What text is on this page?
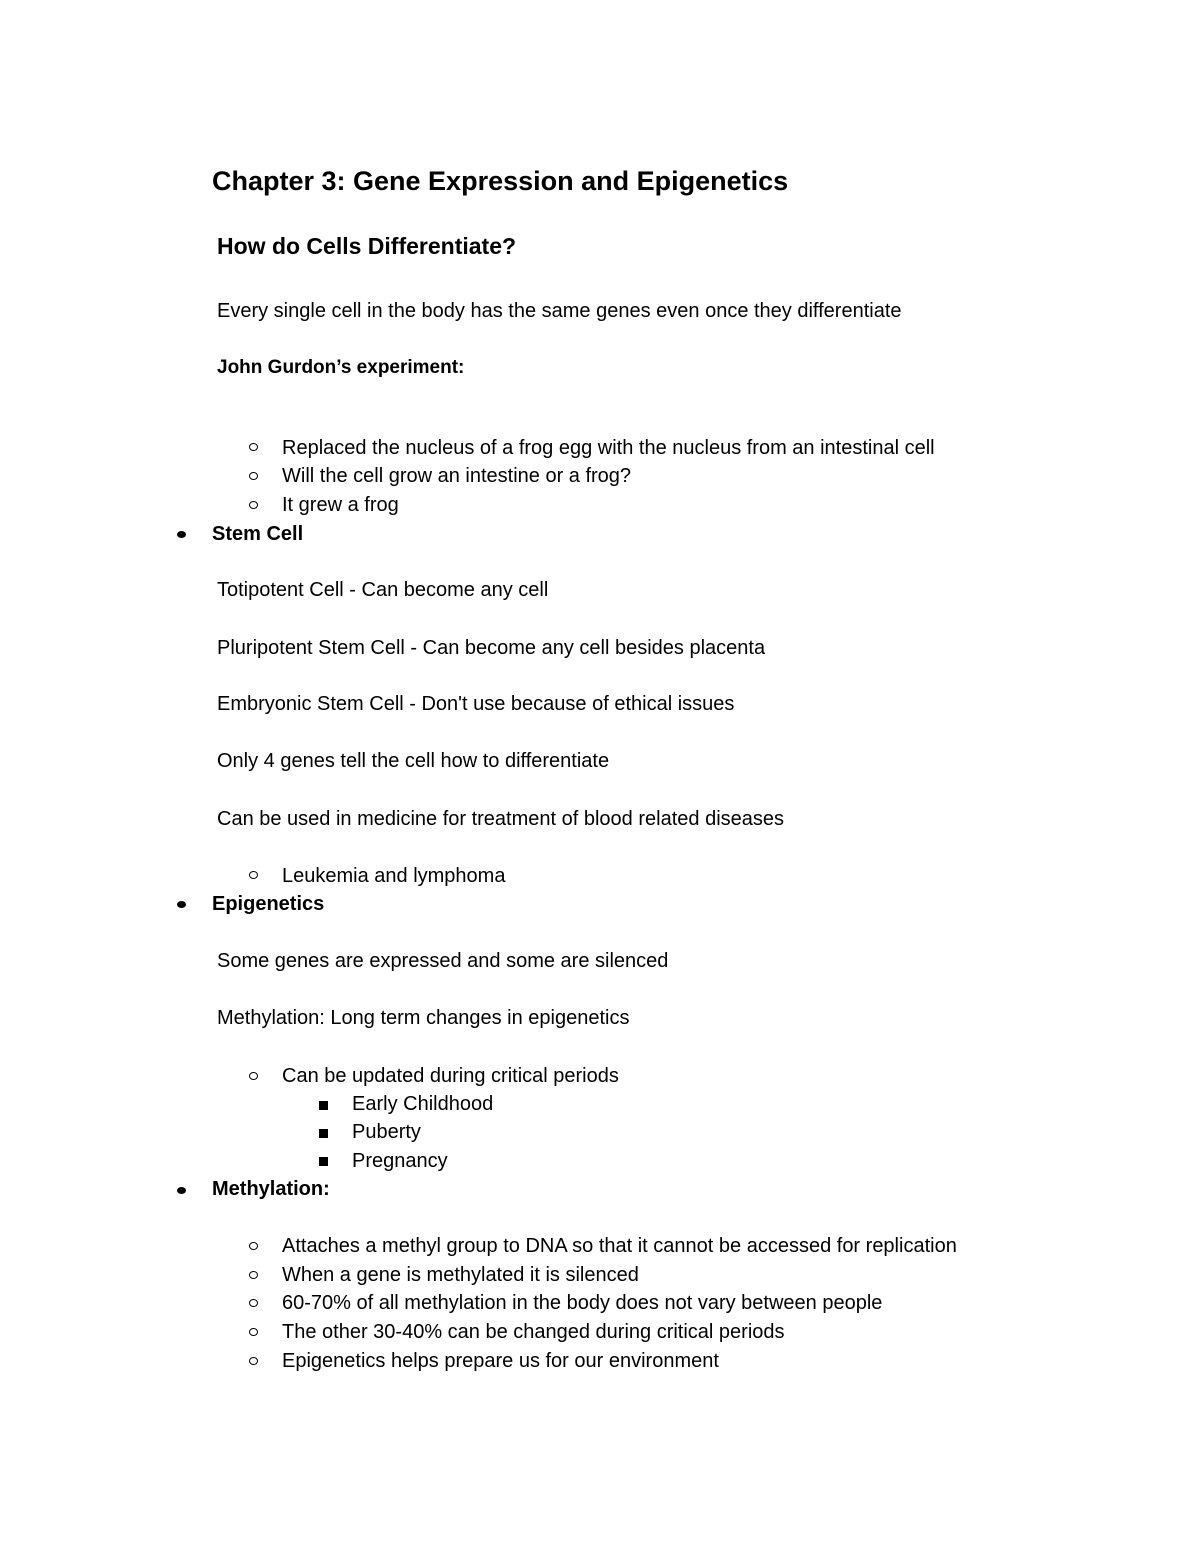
Chapter 3: Gene Expression and Epigenetics
How do Cells Differentiate?
Every single cell in the body has the same genes even once they differentiate
John Gurdon’s experiment:
Replaced the nucleus of a frog egg with the nucleus from an intestinal cell
Will the cell grow an intestine or a frog?
It grew a frog
Stem Cell
Totipotent Cell - Can become any cell
Pluripotent Stem Cell - Can become any cell besides placenta
Embryonic Stem Cell - Don't use because of ethical issues
Only 4 genes tell the cell how to differentiate
Can be used in medicine for treatment of blood related diseases
Leukemia and lymphoma
Epigenetics
Some genes are expressed and some are silenced
Methylation: Long term changes in epigenetics
Can be updated during critical periods
Early Childhood
Puberty
Pregnancy
Methylation:
Attaches a methyl group to DNA so that it cannot be accessed for replication
When a gene is methylated it is silenced
60-70% of all methylation in the body does not vary between people
The other 30-40% can be changed during critical periods
Epigenetics helps prepare us for our environment
